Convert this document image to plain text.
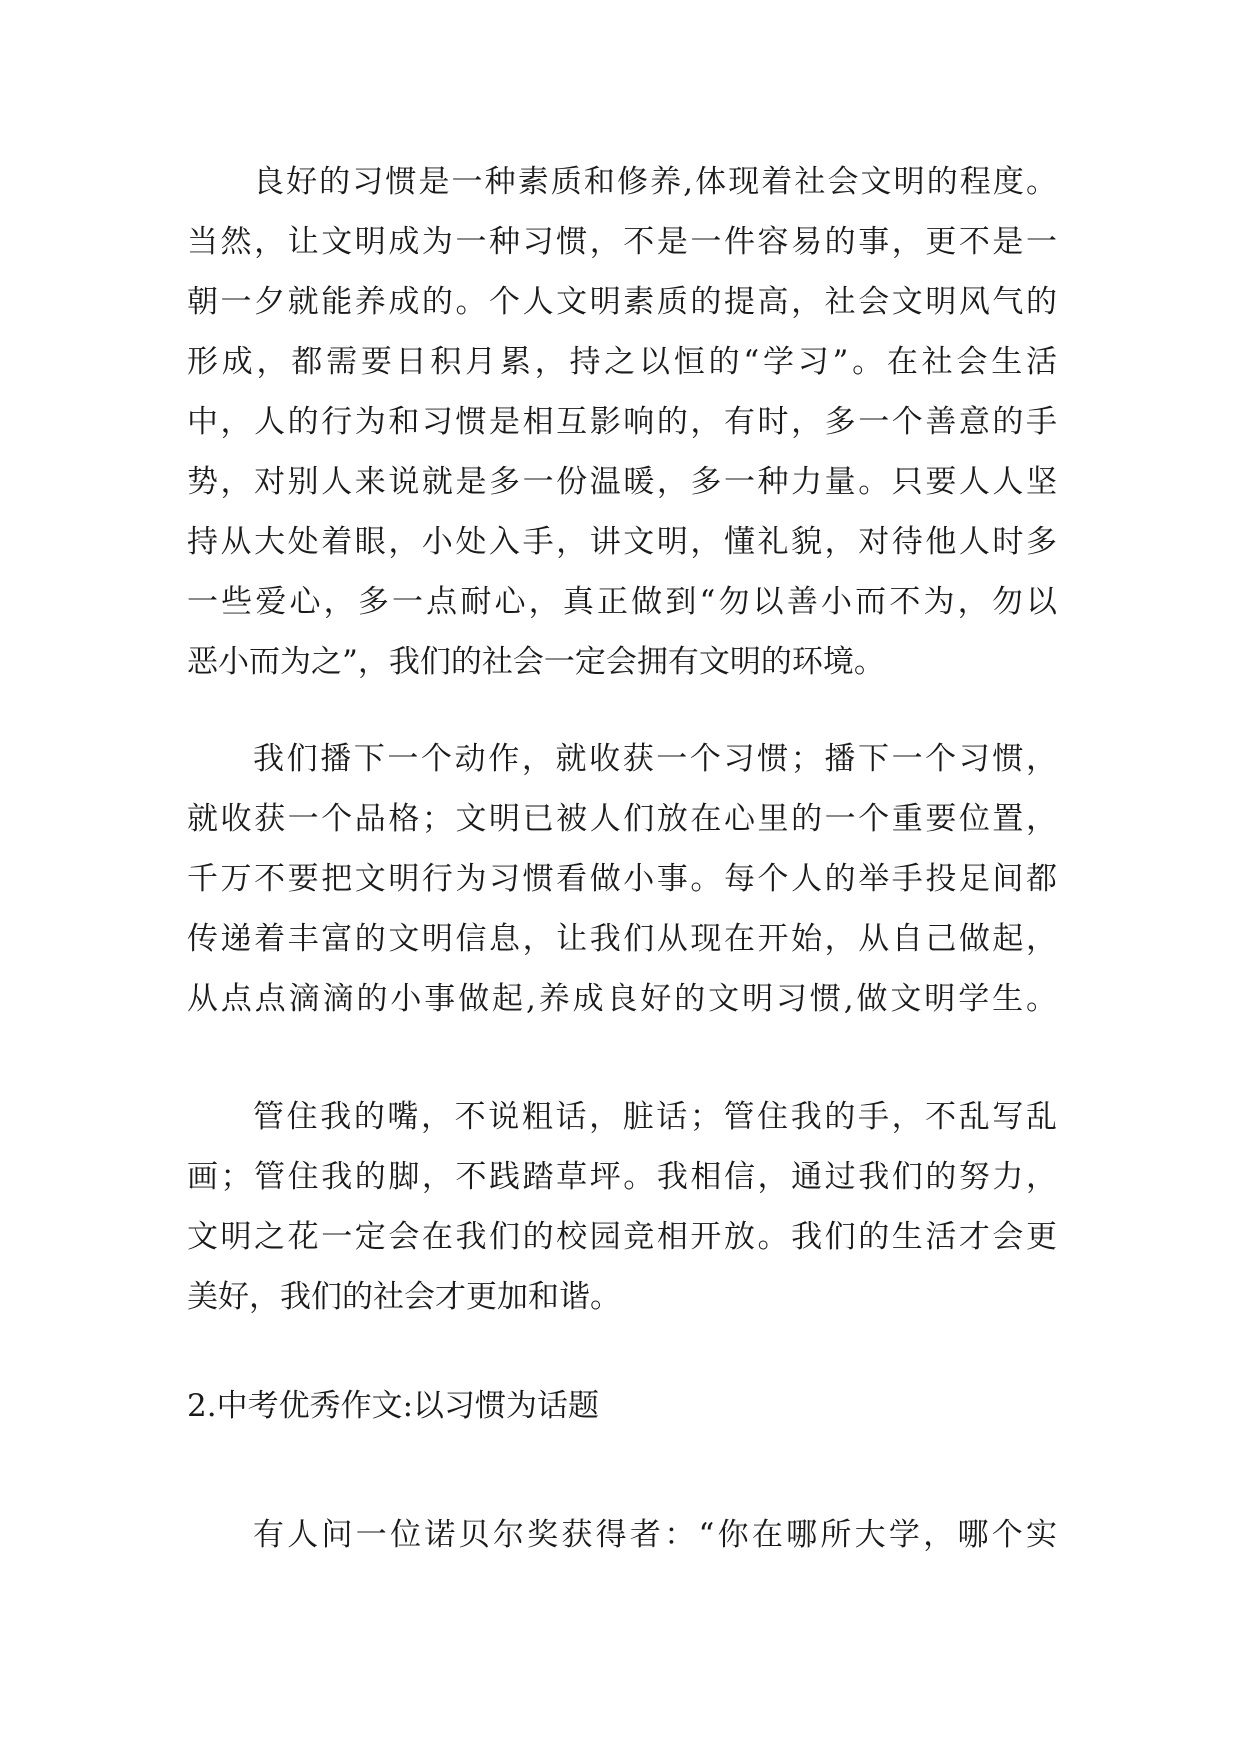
良好的习惯是一种素质和修养,体现着社会文明的程度。
当然，让文明成为一种习惯，不是一件容易的事，更不是一
朝一夕就能养成的。个人文明素质的提高，社会文明风气的
形成，都需要日积月累，持之以恒的“学习”。在社会生活
中，人的行为和习惯是相互影响的，有时，多一个善意的手
势，对别人来说就是多一份温暖，多一种力量。只要人人坚
持从大处着眼，小处入手，讲文明，懂礼貌，对待他人时多
一些爱心，多一点耐心，真正做到“勿以善小而不为，勿以
恶小而为之”，我们的社会一定会拥有文明的环境。
我们播下一个动作，就收获一个习惯；播下一个习惯，
就收获一个品格；文明已被人们放在心里的一个重要位置，
千万不要把文明行为习惯看做小事。每个人的举手投足间都
传递着丰富的文明信息，让我们从现在开始，从自己做起，
从点点滴滴的小事做起,养成良好的文明习惯,做文明学生。
管住我的嘴，不说粗话，脏话；管住我的手，不乱写乱
画；管住我的脚，不践踏草坪。我相信，通过我们的努力，
文明之花一定会在我们的校园竞相开放。我们的生活才会更
美好，我们的社会才更加和谐。
2.中考优秀作文:以习惯为话题
有人问一位诺贝尔奖获得者：“你在哪所大学，哪个实
